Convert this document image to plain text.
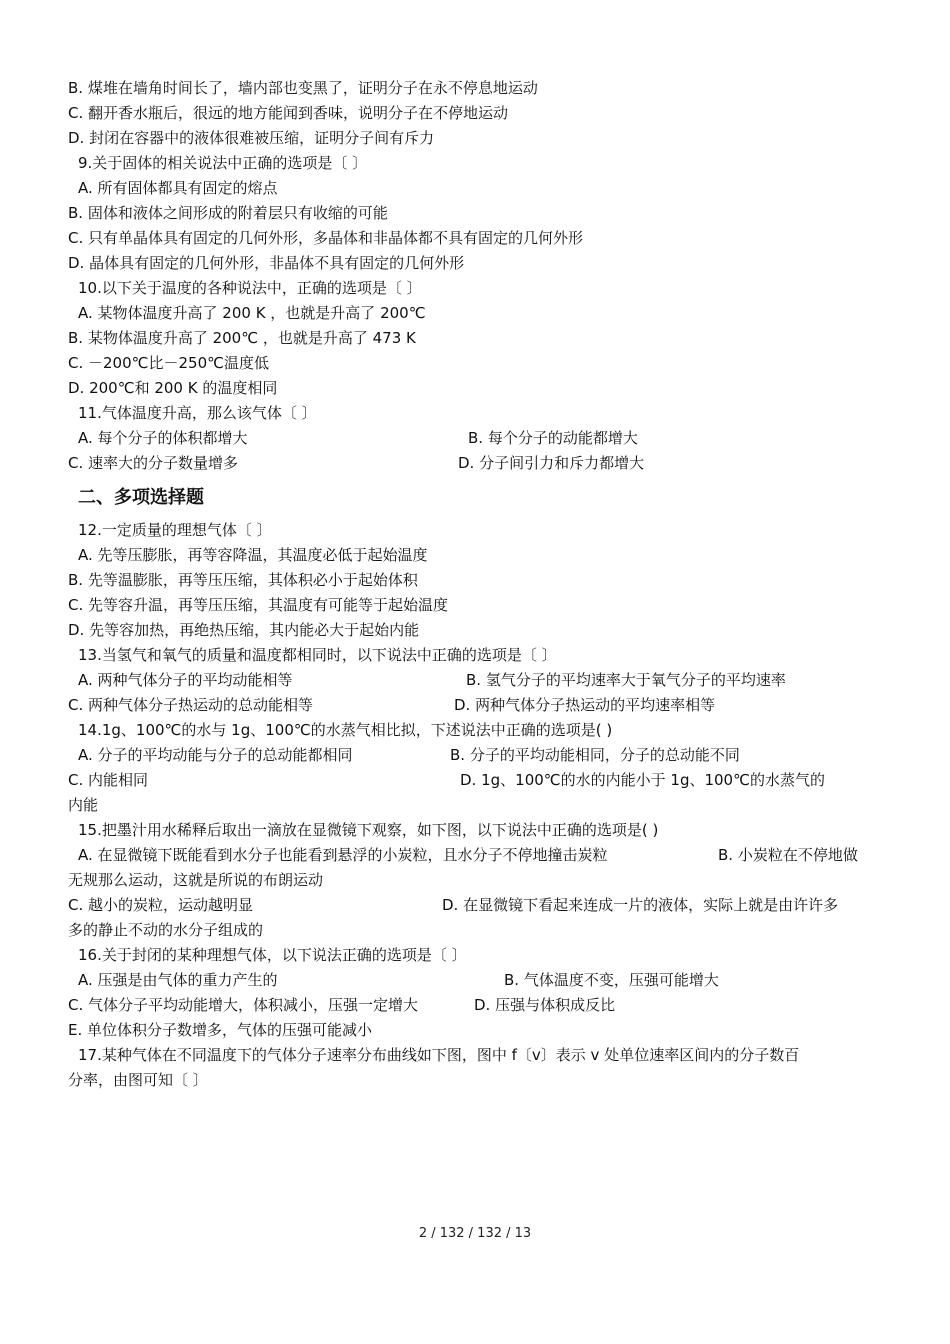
B. 煤堆在墙角时间长了，墙内部也变黑了，证明分子在永不停息地运动
C. 翻开香水瓶后，很远的地方能闻到香味，说明分子在不停地运动
D. 封闭在容器中的液体很难被压缩，证明分子间有斥力
9.关于固体的相关说法中正确的选项是〔 〕
A. 所有固体都具有固定的熔点
B. 固体和液体之间形成的附着层只有收缩的可能
C. 只有单晶体具有固定的几何外形，多晶体和非晶体都不具有固定的几何外形
D. 晶体具有固定的几何外形，非晶体不具有固定的几何外形
10.以下关于温度的各种说法中，正确的选项是〔 〕
A. 某物体温度升高了 200 K ，也就是升高了 200℃
B. 某物体温度升高了 200℃ ，也就是升高了 473 K
C. －200℃比－250℃温度低
D. 200℃和 200 K 的温度相同
11.气体温度升高，那么该气体〔 〕
A. 每个分子的体积都增大	B. 每个分子的动能都增大
C. 速率大的分子数量增多	D. 分子间引力和斥力都增大
二、多项选择题
12.一定质量的理想气体〔 〕
A. 先等压膨胀，再等容降温，其温度必低于起始温度
B. 先等温膨胀，再等压压缩，其体积必小于起始体积
C. 先等容升温，再等压压缩，其温度有可能等于起始温度
D. 先等容加热，再绝热压缩，其内能必大于起始内能
13.当氢气和氧气的质量和温度都相同时，以下说法中正确的选项是〔 〕
A. 两种气体分子的平均动能相等	B. 氢气分子的平均速率大于氧气分子的平均速率
C. 两种气体分子热运动的总动能相等	D. 两种气体分子热运动的平均速率相等
14.1g、100℃的水与 1g、100℃的水蒸气相比拟，下述说法中正确的选项是( )
A. 分子的平均动能与分子的总动能都相同	B. 分子的平均动能相同，分子的总动能不同
C. 内能相同	D. 1g、100℃的水的内能小于 1g、100℃的水蒸气的
内能
15.把墨汁用水稀释后取出一滴放在显微镜下观察，如下图，以下说法中正确的选项是( )
A. 在显微镜下既能看到水分子也能看到悬浮的小炭粒，且水分子不停地撞击炭粒	B. 小炭粒在不停地做
无规那么运动，这就是所说的布朗运动
C. 越小的炭粒，运动越明显	D. 在显微镜下看起来连成一片的液体，实际上就是由许许多
多的静止不动的水分子组成的
16.关于封闭的某种理想气体，以下说法正确的选项是〔 〕
A. 压强是由气体的重力产生的	B. 气体温度不变，压强可能增大
C. 气体分子平均动能增大，体积减小，压强一定增大	D. 压强与体积成反比
E. 单位体积分子数增多，气体的压强可能减小
17.某种气体在不同温度下的气体分子速率分布曲线如下图，图中 f〔v〕表示 v 处单位速率区间内的分子数百
分率，由图可知〔 〕
2 / 132 / 132 / 13
